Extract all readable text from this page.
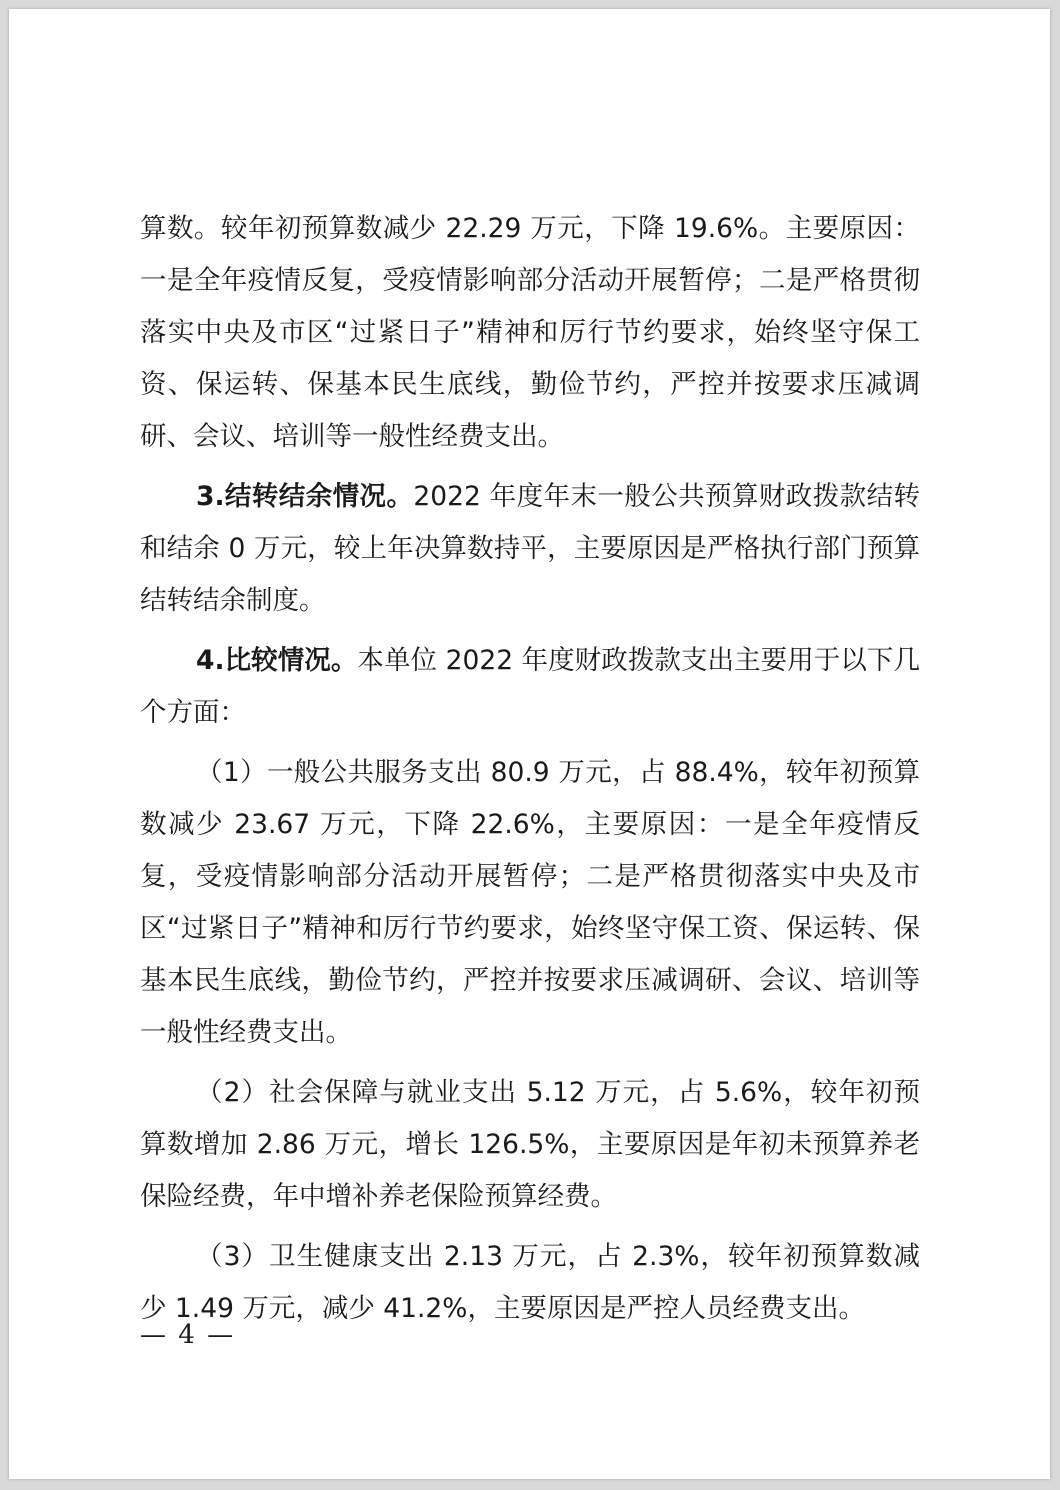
算数。较年初预算数减少 22.29 万元，下降 19.6%。主要原因：一是全年疫情反复，受疫情影响部分活动开展暂停；二是严格贯彻落实中央及市区“过紧日子”精神和厉行节约要求，始终坚守保工资、保运转、保基本民生底线，勤俭节约，严控并按要求压减调研、会议、培训等一般性经费支出。

3.结转结余情况。2022 年度年末一般公共预算财政拨款结转和结余 0 万元，较上年决算数持平，主要原因是严格执行部门预算结转结余制度。

4.比较情况。本单位 2022 年度财政拨款支出主要用于以下几个方面：

（1）一般公共服务支出 80.9 万元，占 88.4%，较年初预算数减少 23.67 万元，下降 22.6%，主要原因：一是全年疫情反复，受疫情影响部分活动开展暂停；二是严格贯彻落实中央及市区“过紧日子”精神和厉行节约要求，始终坚守保工资、保运转、保基本民生底线，勤俭节约，严控并按要求压减调研、会议、培训等一般性经费支出。

（2）社会保障与就业支出 5.12 万元，占 5.6%，较年初预算数增加 2.86 万元，增长 126.5%，主要原因是年初未预算养老保险经费，年中增补养老保险预算经费。

（3）卫生健康支出 2.13 万元，占 2.3%，较年初预算数减少 1.49 万元，减少 41.2%，主要原因是严控人员经费支出。

— 4 —
